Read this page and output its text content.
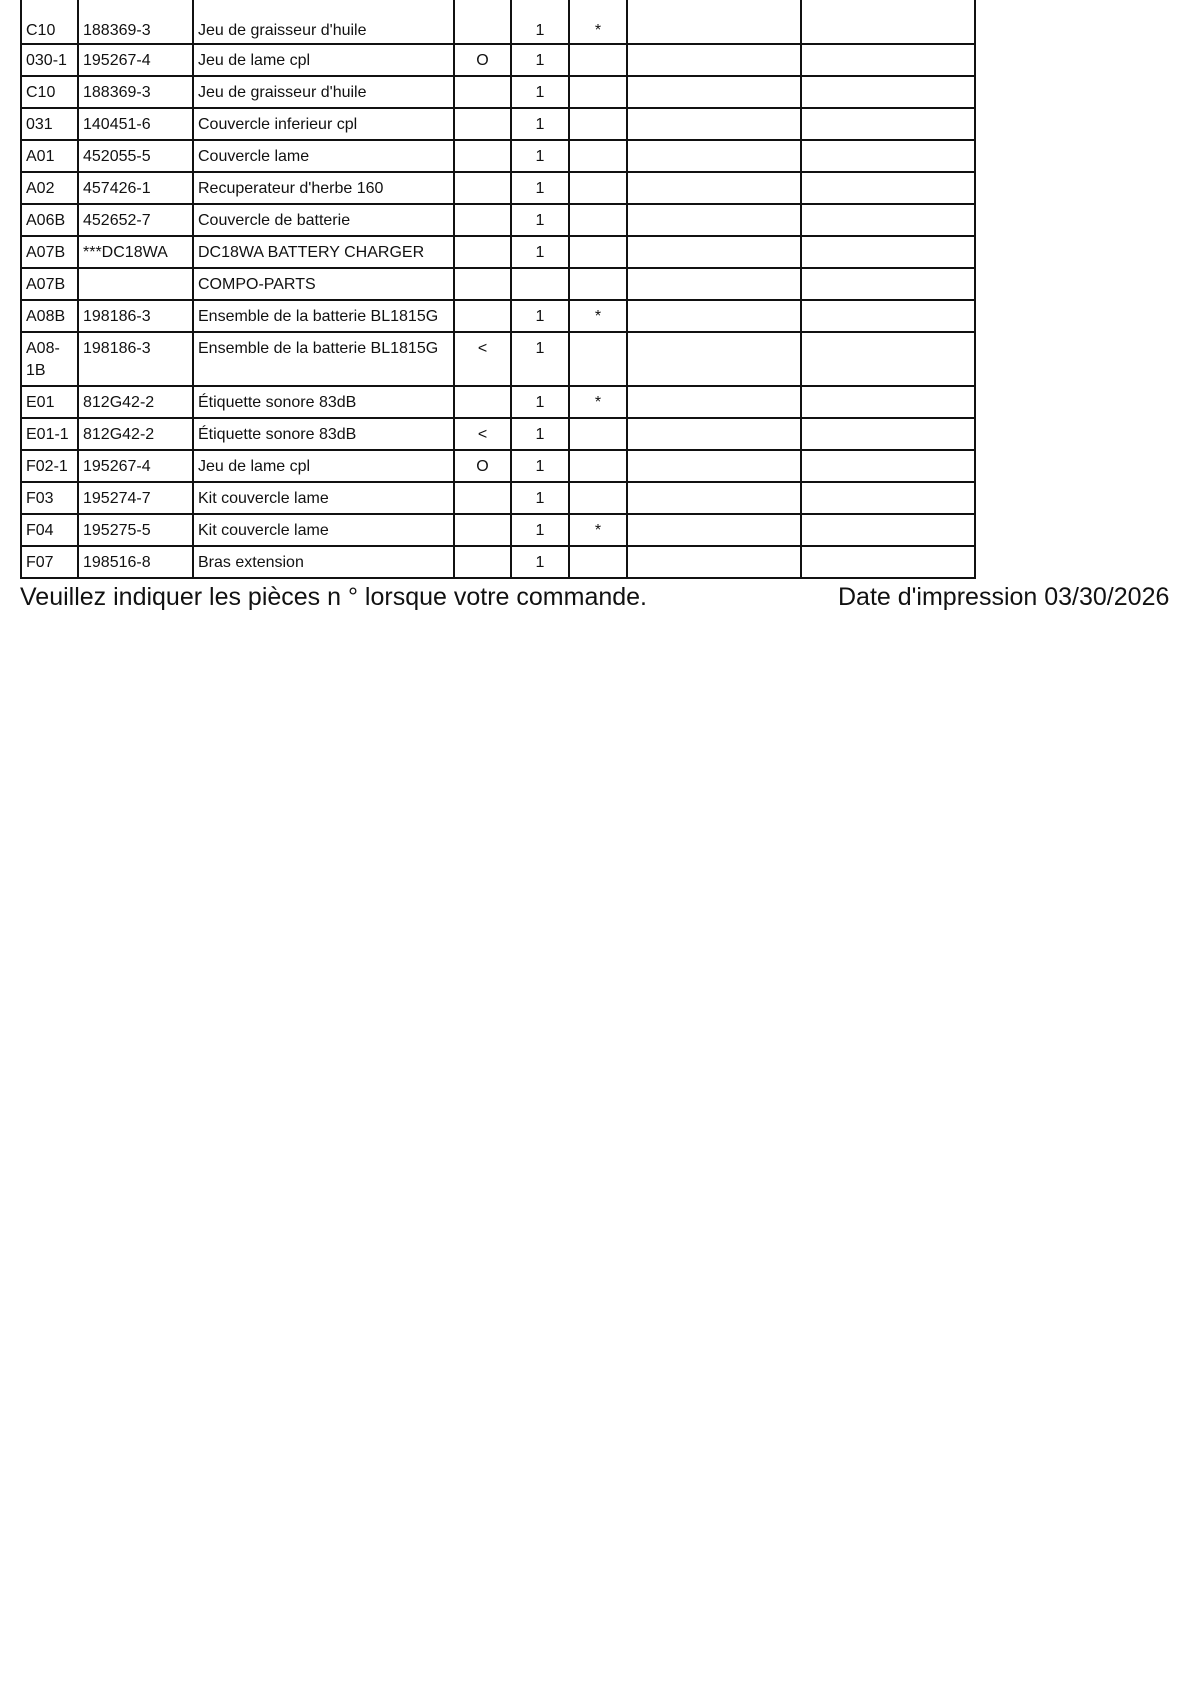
C10	188369-3	Jeu de graisseur d'huile		1	*		
030-1	195267-4	Jeu de lame cpl	O	1			
C10	188369-3	Jeu de graisseur d'huile		1			
031	140451-6	Couvercle inferieur cpl		1			
A01	452055-5	Couvercle lame		1			
A02	457426-1	Recuperateur d'herbe 160		1			
A06B	452652-7	Couvercle de batterie		1			
A07B	***DC18WA	DC18WA BATTERY CHARGER		1			
A07B		COMPO-PARTS					
A08B	198186-3	Ensemble de la batterie BL1815G		1	*		
A08-1B	198186-3	Ensemble de la batterie BL1815G	<	1			
E01	812G42-2	Étiquette sonore 83dB		1	*		
E01-1	812G42-2	Étiquette sonore 83dB	<	1			
F02-1	195267-4	Jeu de lame cpl	O	1			
F03	195274-7	Kit couvercle lame		1			
F04	195275-5	Kit couvercle lame		1	*		
F07	198516-8	Bras extension		1			
Veuillez indiquer les pièces n ° lorsque votre commande.	Date d'impression 03/30/2026
